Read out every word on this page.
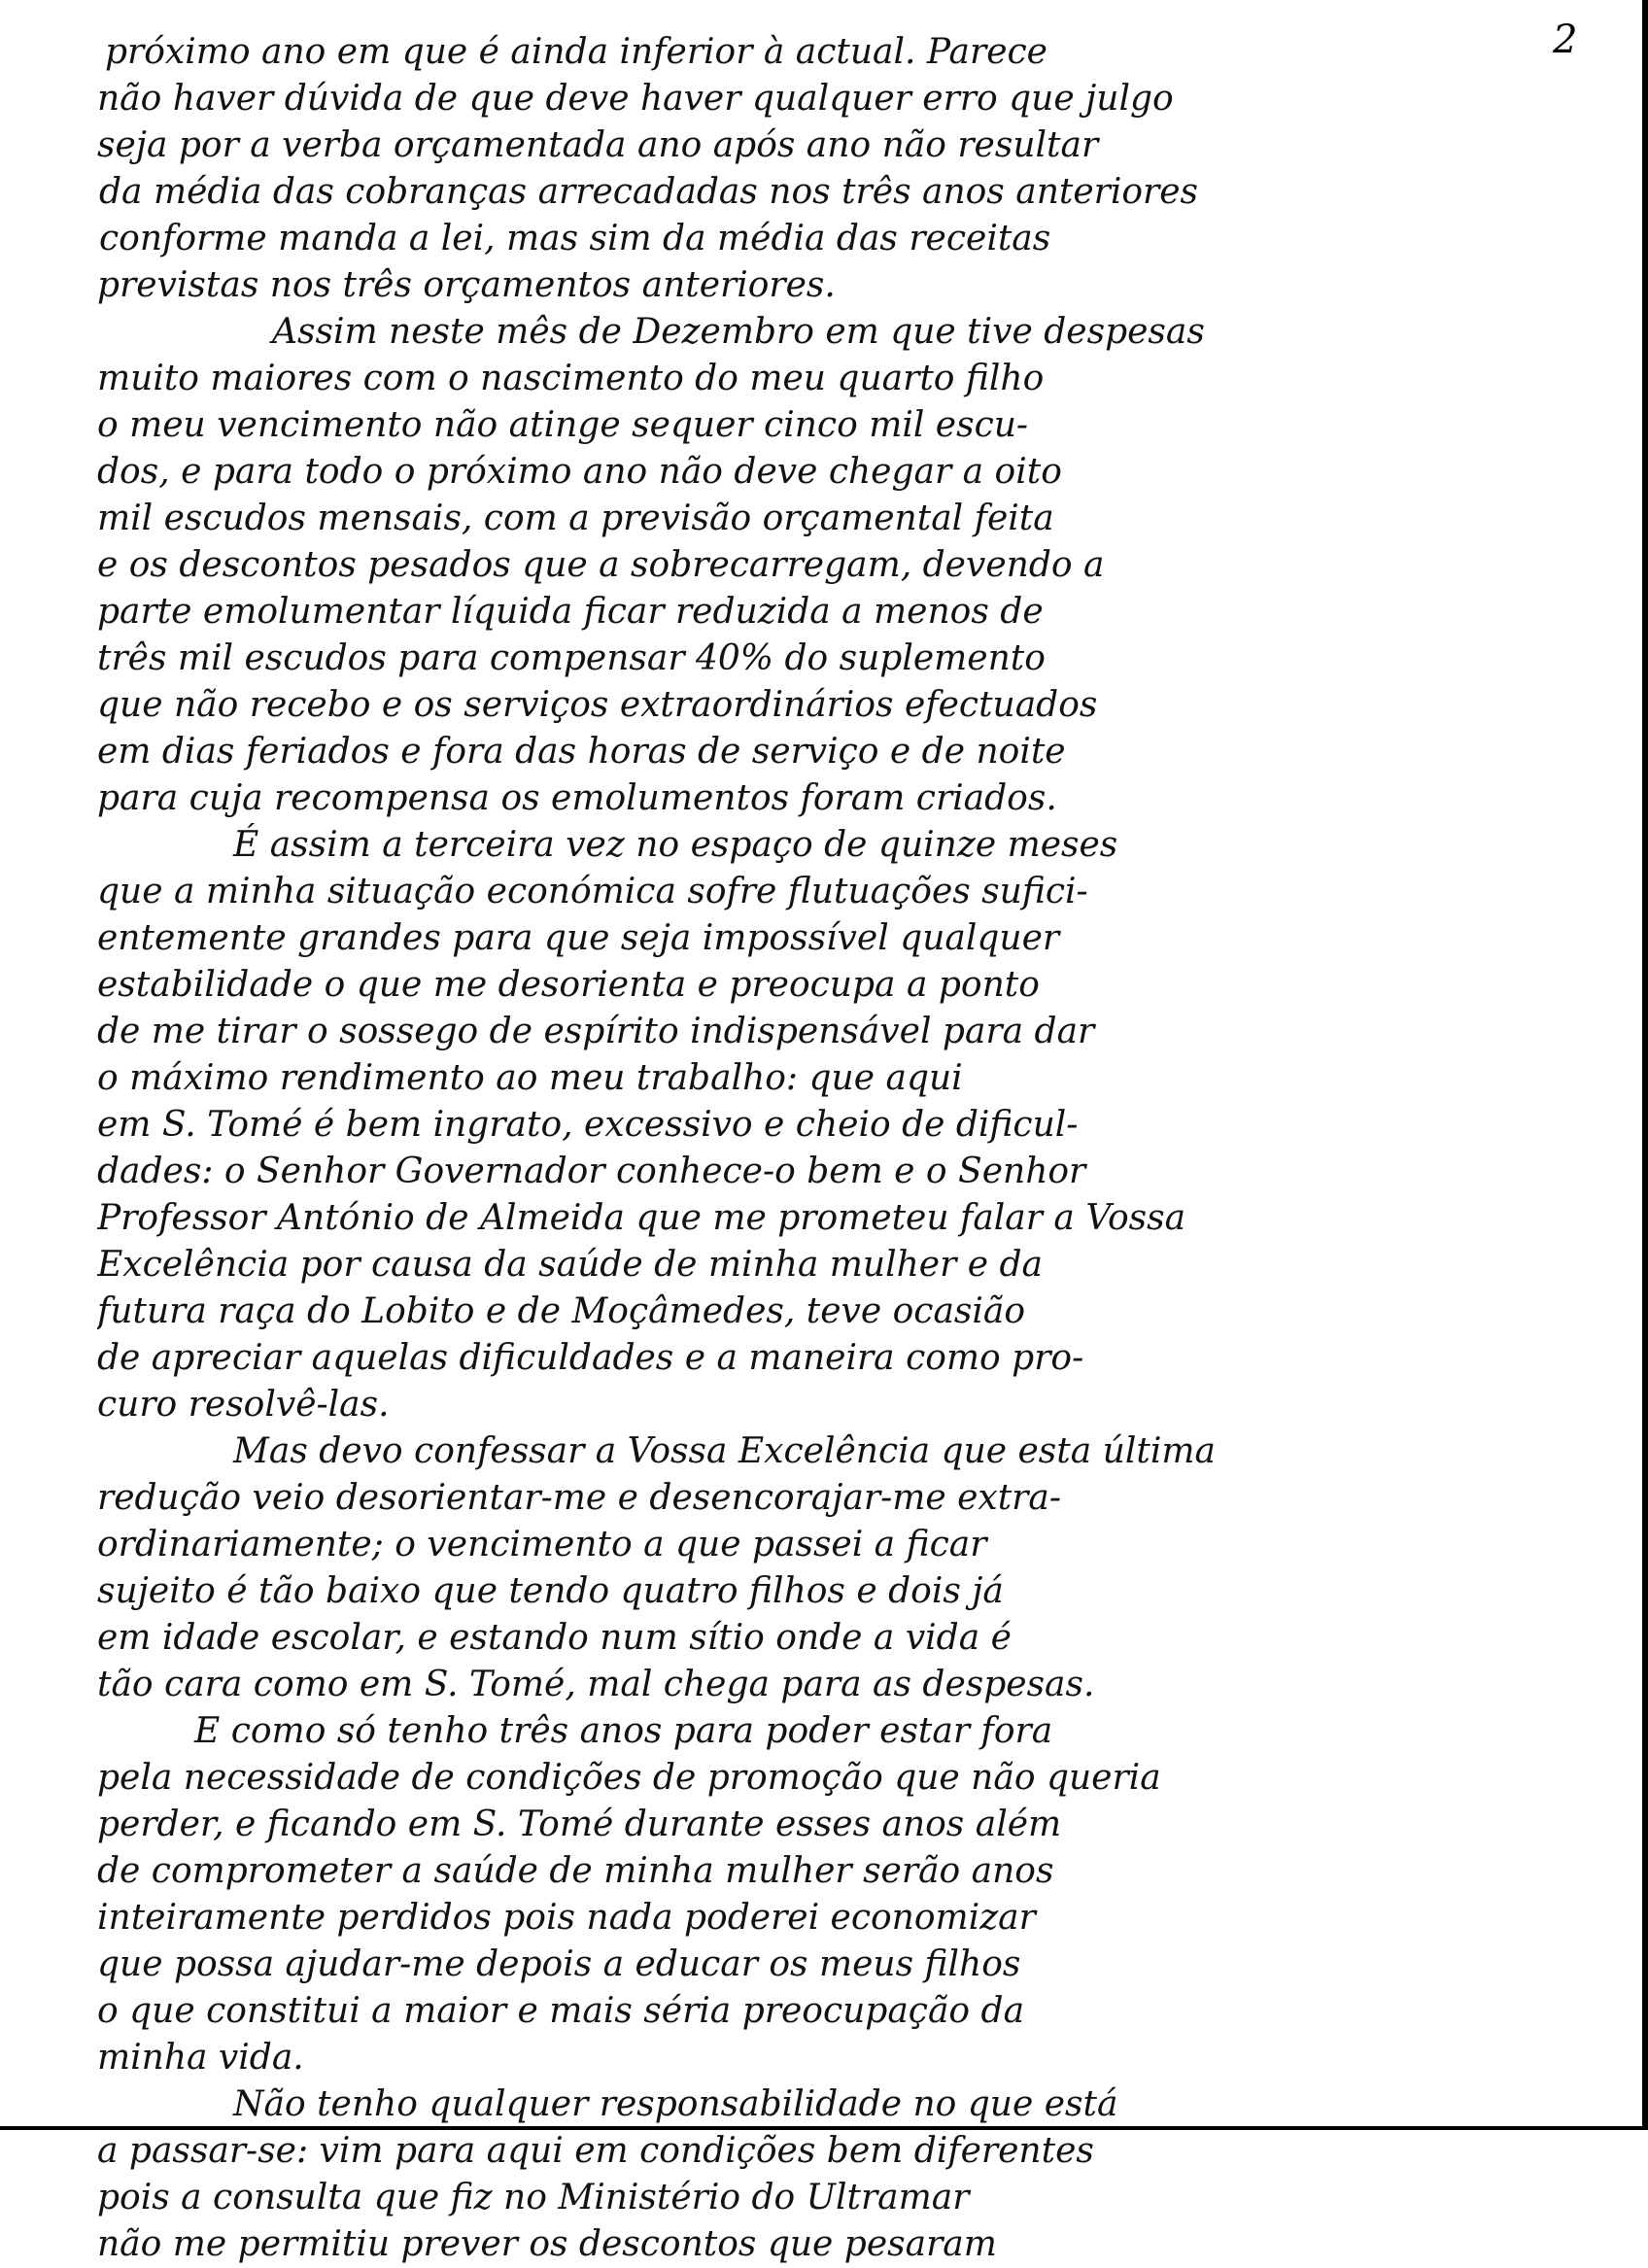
2
próximo ano em que é ainda inferior à actual. Parece
não haver dúvida de que deve haver qualquer erro que julgo
seja por a verba orçamentada ano após ano não resultar
da média das cobranças arrecadadas nos três anos anteriores
conforme manda a lei, mas sim da média das receitas
previstas nos três orçamentos anteriores.
Assim neste mês de Dezembro em que tive despesas
muito maiores com o nascimento do meu quarto filho
o meu vencimento não atinge sequer cinco mil escu-
dos, e para todo o próximo ano não deve chegar a oito
mil escudos mensais, com a previsão orçamental feita
e os descontos pesados que a sobrecarregam, devendo a
parte emolumentar líquida ficar reduzida a menos de
três mil escudos para compensar 40% do suplemento
que não recebo e os serviços extraordinários efectuados
em dias feriados e fora das horas de serviço e de noite
para cuja recompensa os emolumentos foram criados.
É assim a terceira vez no espaço de quinze meses
que a minha situação económica sofre flutuações sufici-
entemente grandes para que seja impossível qualquer
estabilidade o que me desorienta e preocupa a ponto
de me tirar o sossego de espírito indispensável para dar
o máximo rendimento ao meu trabalho: que aqui
em S. Tomé é bem ingrato, excessivo e cheio de dificul-
dades: o Senhor Governador conhece-o bem e o Senhor
Professor António de Almeida que me prometeu falar a Vossa
Excelência por causa da saúde de minha mulher e da
futura raça do Lobito e de Moçâmedes, teve ocasião
de apreciar aquelas dificuldades e a maneira como pro-
curo resolvê-las.
Mas devo confessar a Vossa Excelência que esta última
redução veio desorientar-me e desencorajar-me extra-
ordinariamente; o vencimento a que passei a ficar
sujeito é tão baixo que tendo quatro filhos e dois já
em idade escolar, e estando num sítio onde a vida é
tão cara como em S. Tomé, mal chega para as despesas.
E como só tenho três anos para poder estar fora
pela necessidade de condições de promoção que não queria
perder, e ficando em S. Tomé durante esses anos além
de comprometer a saúde de minha mulher serão anos
inteiramente perdidos pois nada poderei economizar
que possa ajudar-me depois a educar os meus filhos
o que constitui a maior e mais séria preocupação da
minha vida.
Não tenho qualquer responsabilidade no que está
a passar-se: vim para aqui em condições bem diferentes
pois a consulta que fiz no Ministério do Ultramar
não me permitiu prever os descontos que pesaram
